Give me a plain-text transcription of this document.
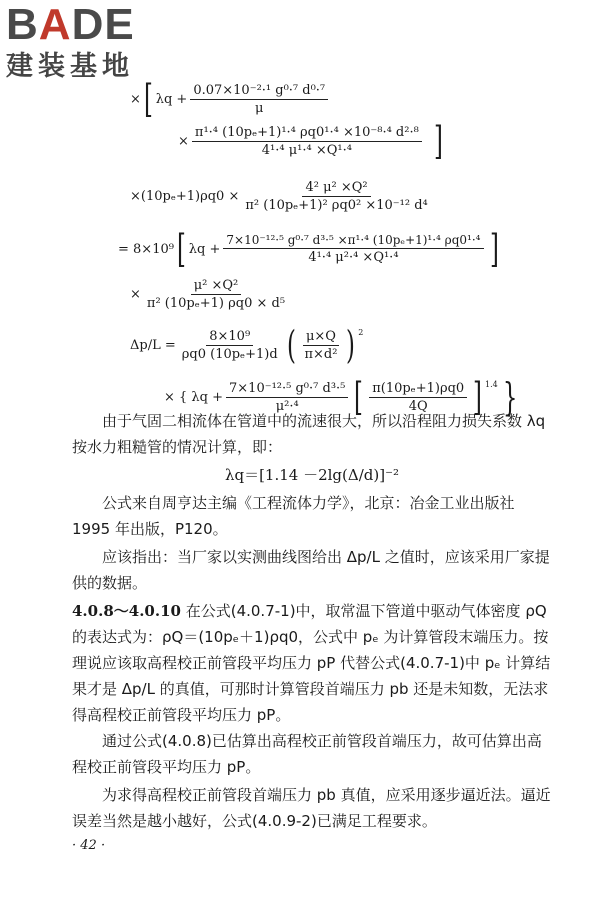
BADE
建装基地
× [ $\lambda q + \frac{\text{0.07×10⁻²·¹ g⁰·⁷ d⁰·⁷}}{\mu}$
× $\frac{\text{π¹·⁴ (10pₑ+1)¹·⁴ ρq0¹·⁴ ×10⁻⁸·⁴ d²·⁸}}{\text{4¹·⁴ μ¹·⁴ ×Q¹·⁴}}$ ]
$\times(10p_e+1)\rho q0 \times \frac{\text{4² μ² ×Q²}}{\text{π² (10pₑ+1)² ρq0² ×10⁻¹² d⁴}}$
= 8×10⁹ [ $\lambda q + \frac{\text{7×10⁻¹²·⁵ g⁰·⁷ d³·⁵ ×π¹·⁴ (10pₑ+1)¹·⁴ ρq0¹·⁴}}{\text{4¹·⁴ μ²·⁴ ×Q¹·⁴}}$ ]
× $\frac{\text{μ² ×Q²}}{\text{π² (10pₑ+1) ρq0 × d⁵}}$
$\Delta p/L = \frac{\text{8×10⁹}}{\text{ρq0 (10pₑ+1)d}}$ ( $\frac{\mu\times Q}{\text{π×d²}}$ ) $^2$
× { $\lambda q + \frac{\text{7×10⁻¹²·⁵ g⁰·⁷ d³·⁵}}{\text{μ²·⁴}}$ [ $\frac{\text{π(10pₑ+1)ρq0}}{4Q}$ ] $^{1.4}$ }
由于气固二相流体在管道中的流速很大，所以沿程阻力损失系数 λq 按水力粗糙管的情况计算，即：
λq＝[1.14 －2lg(Δ/d)]⁻²
公式来自周亨达主编《工程流体力学》，北京：冶金工业出版社 1995 年出版，P120。
应该指出：当厂家以实测曲线图给出 Δp/L 之值时，应该采用厂家提供的数据。
4.0.8～4.0.10 在公式(4.0.7-1)中，取常温下管道中驱动气体密度 ρQ 的表达式为：ρQ＝(10pₑ＋1)ρq0，公式中 pₑ 为计算管段末端压力。按理说应该取高程校正前管段平均压力 pP 代替公式(4.0.7-1)中 pₑ 计算结果才是 Δp/L 的真值，可那时计算管段首端压力 pb 还是未知数，无法求得高程校正前管段平均压力 pP。
通过公式(4.0.8)已估算出高程校正前管段首端压力，故可估算出高程校正前管段平均压力 pP。
为求得高程校正前管段首端压力 pb 真值，应采用逐步逼近法。逼近误差当然是越小越好，公式(4.0.9-2)已满足工程要求。
· 42 ·
